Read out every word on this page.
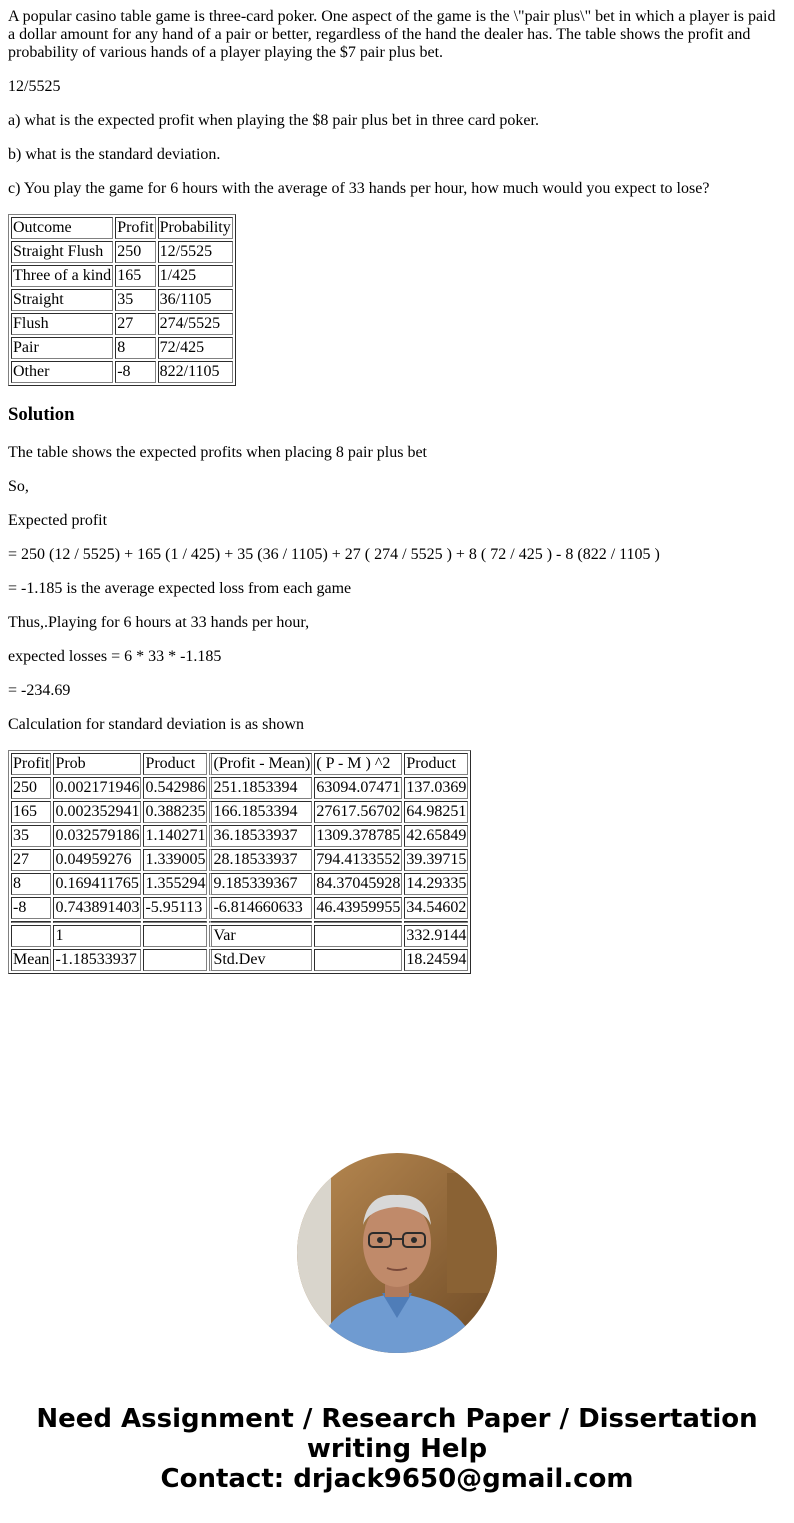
A popular casino table game is three-card poker. One aspect of the game is the \"pair plus\" bet in which a player is paid a dollar amount for any hand of a pair or better, regardless of the hand the dealer has. The table shows the profit and probability of various hands of a player playing the $7 pair plus bet.

12/5525

a) what is the expected profit when playing the $8 pair plus bet in three card poker.

b) what is the standard deviation.

c) You play the game for 6 hours with the average of 33 hands per hour, how much would you expect to lose?

Outcome	Profit	Probability
Straight Flush	250	12/5525
Three of a kind	165	1/425
Straight	35	36/1105
Flush	27	274/5525
Pair	8	72/425
Other	-8	822/1105
Solution

The table shows the expected profits when placing 8 pair plus bet

So,

Expected profit

= 250 (12 / 5525) + 165 (1 / 425) + 35 (36 / 1105) + 27 ( 274 / 5525 ) + 8 ( 72 / 425 ) - 8 (822 / 1105 )

= -1.185 is the average expected loss from each game

Thus,.Playing for 6 hours at 33 hands per hour,

expected losses = 6 * 33 * -1.185

= -234.69

Calculation for standard deviation is as shown

Profit	Prob	Product	(Profit - Mean)	( P - M ) ^2	Product
250	0.002171946	0.542986	251.1853394	63094.07471	137.0369
165	0.002352941	0.388235	166.1853394	27617.56702	64.98251
35	0.032579186	1.140271	36.18533937	1309.378785	42.65849
27	0.04959276	1.339005	28.18533937	794.4133552	39.39715
8	0.169411765	1.355294	9.185339367	84.37045928	14.29335
-8	0.743891403	-5.95113	-6.814660633	46.43959955	34.54602

	1		Var		332.9144
Mean	-1.18533937		Std.Dev		18.24594
Need Assignment / Research Paper / Dissertation
writing Help
Contact: drjack9650@gmail.com
